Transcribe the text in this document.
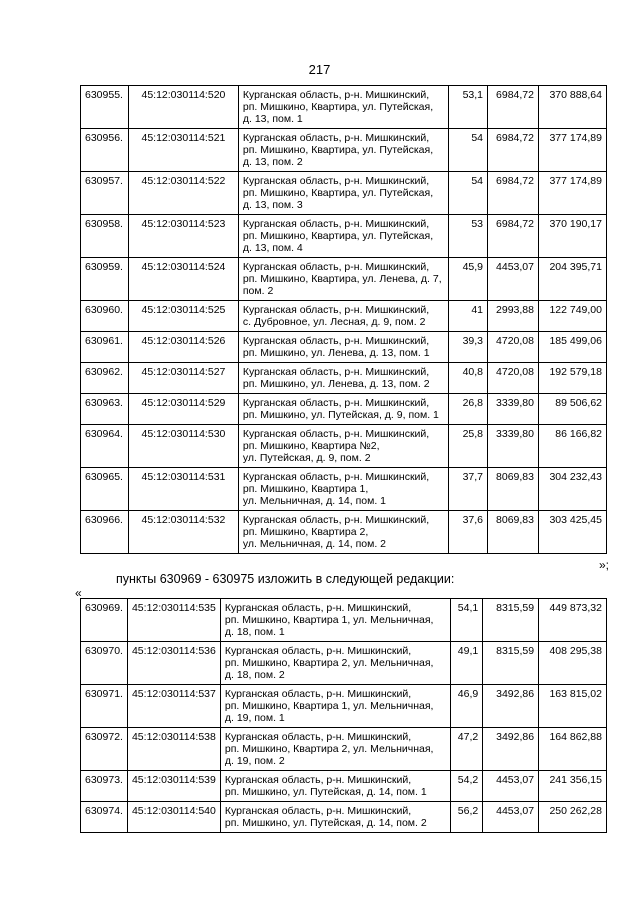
217
630955.	45:12:030114:520	Курганская область, р-н. Мишкинский,
рп. Мишкино, Квартира, ул. Путейская,
д. 13, пом. 1	53,1	6984,72	370 888,64
630956.	45:12:030114:521	Курганская область, р-н. Мишкинский,
рп. Мишкино, Квартира, ул. Путейская,
д. 13, пом. 2	54	6984,72	377 174,89
630957.	45:12:030114:522	Курганская область, р-н. Мишкинский,
рп. Мишкино, Квартира, ул. Путейская,
д. 13, пом. 3	54	6984,72	377 174,89
630958.	45:12:030114:523	Курганская область, р-н. Мишкинский,
рп. Мишкино, Квартира, ул. Путейская,
д. 13, пом. 4	53	6984,72	370 190,17
630959.	45:12:030114:524	Курганская область, р-н. Мишкинский,
рп. Мишкино, Квартира, ул. Ленева, д. 7,
пом. 2	45,9	4453,07	204 395,71
630960.	45:12:030114:525	Курганская область, р-н. Мишкинский,
с. Дубровное, ул. Лесная, д. 9, пом. 2	41	2993,88	122 749,00
630961.	45:12:030114:526	Курганская область, р-н. Мишкинский,
рп. Мишкино, ул. Ленева, д. 13, пом. 1	39,3	4720,08	185 499,06
630962.	45:12:030114:527	Курганская область, р-н. Мишкинский,
рп. Мишкино, ул. Ленева, д. 13, пом. 2	40,8	4720,08	192 579,18
630963.	45:12:030114:529	Курганская область, р-н. Мишкинский,
рп. Мишкино, ул. Путейская, д. 9, пом. 1	26,8	3339,80	89 506,62
630964.	45:12:030114:530	Курганская область, р-н. Мишкинский,
рп. Мишкино, Квартира №2,
ул. Путейская, д. 9, пом. 2	25,8	3339,80	86 166,82
630965.	45:12:030114:531	Курганская область, р-н. Мишкинский,
рп. Мишкино, Квартира 1,
ул. Мельничная, д. 14, пом. 1	37,7	8069,83	304 232,43
630966.	45:12:030114:532	Курганская область, р-н. Мишкинский,
рп. Мишкино, Квартира 2,
ул. Мельничная, д. 14, пом. 2	37,6	8069,83	303 425,45
»;
пункты 630969 - 630975 изложить в следующей редакции:
«
630969.	45:12:030114:535	Курганская область, р-н. Мишкинский,
рп. Мишкино, Квартира 1, ул. Мельничная,
д. 18, пом. 1	54,1	8315,59	449 873,32
630970.	45:12:030114:536	Курганская область, р-н. Мишкинский,
рп. Мишкино, Квартира 2, ул. Мельничная,
д. 18, пом. 2	49,1	8315,59	408 295,38
630971.	45:12:030114:537	Курганская область, р-н. Мишкинский,
рп. Мишкино, Квартира 1, ул. Мельничная,
д. 19, пом. 1	46,9	3492,86	163 815,02
630972.	45:12:030114:538	Курганская область, р-н. Мишкинский,
рп. Мишкино, Квартира 2, ул. Мельничная,
д. 19, пом. 2	47,2	3492,86	164 862,88
630973.	45:12:030114:539	Курганская область, р-н. Мишкинский,
рп. Мишкино, ул. Путейская, д. 14, пом. 1	54,2	4453,07	241 356,15
630974.	45:12:030114:540	Курганская область, р-н. Мишкинский,
рп. Мишкино, ул. Путейская, д. 14, пом. 2	56,2	4453,07	250 262,28
